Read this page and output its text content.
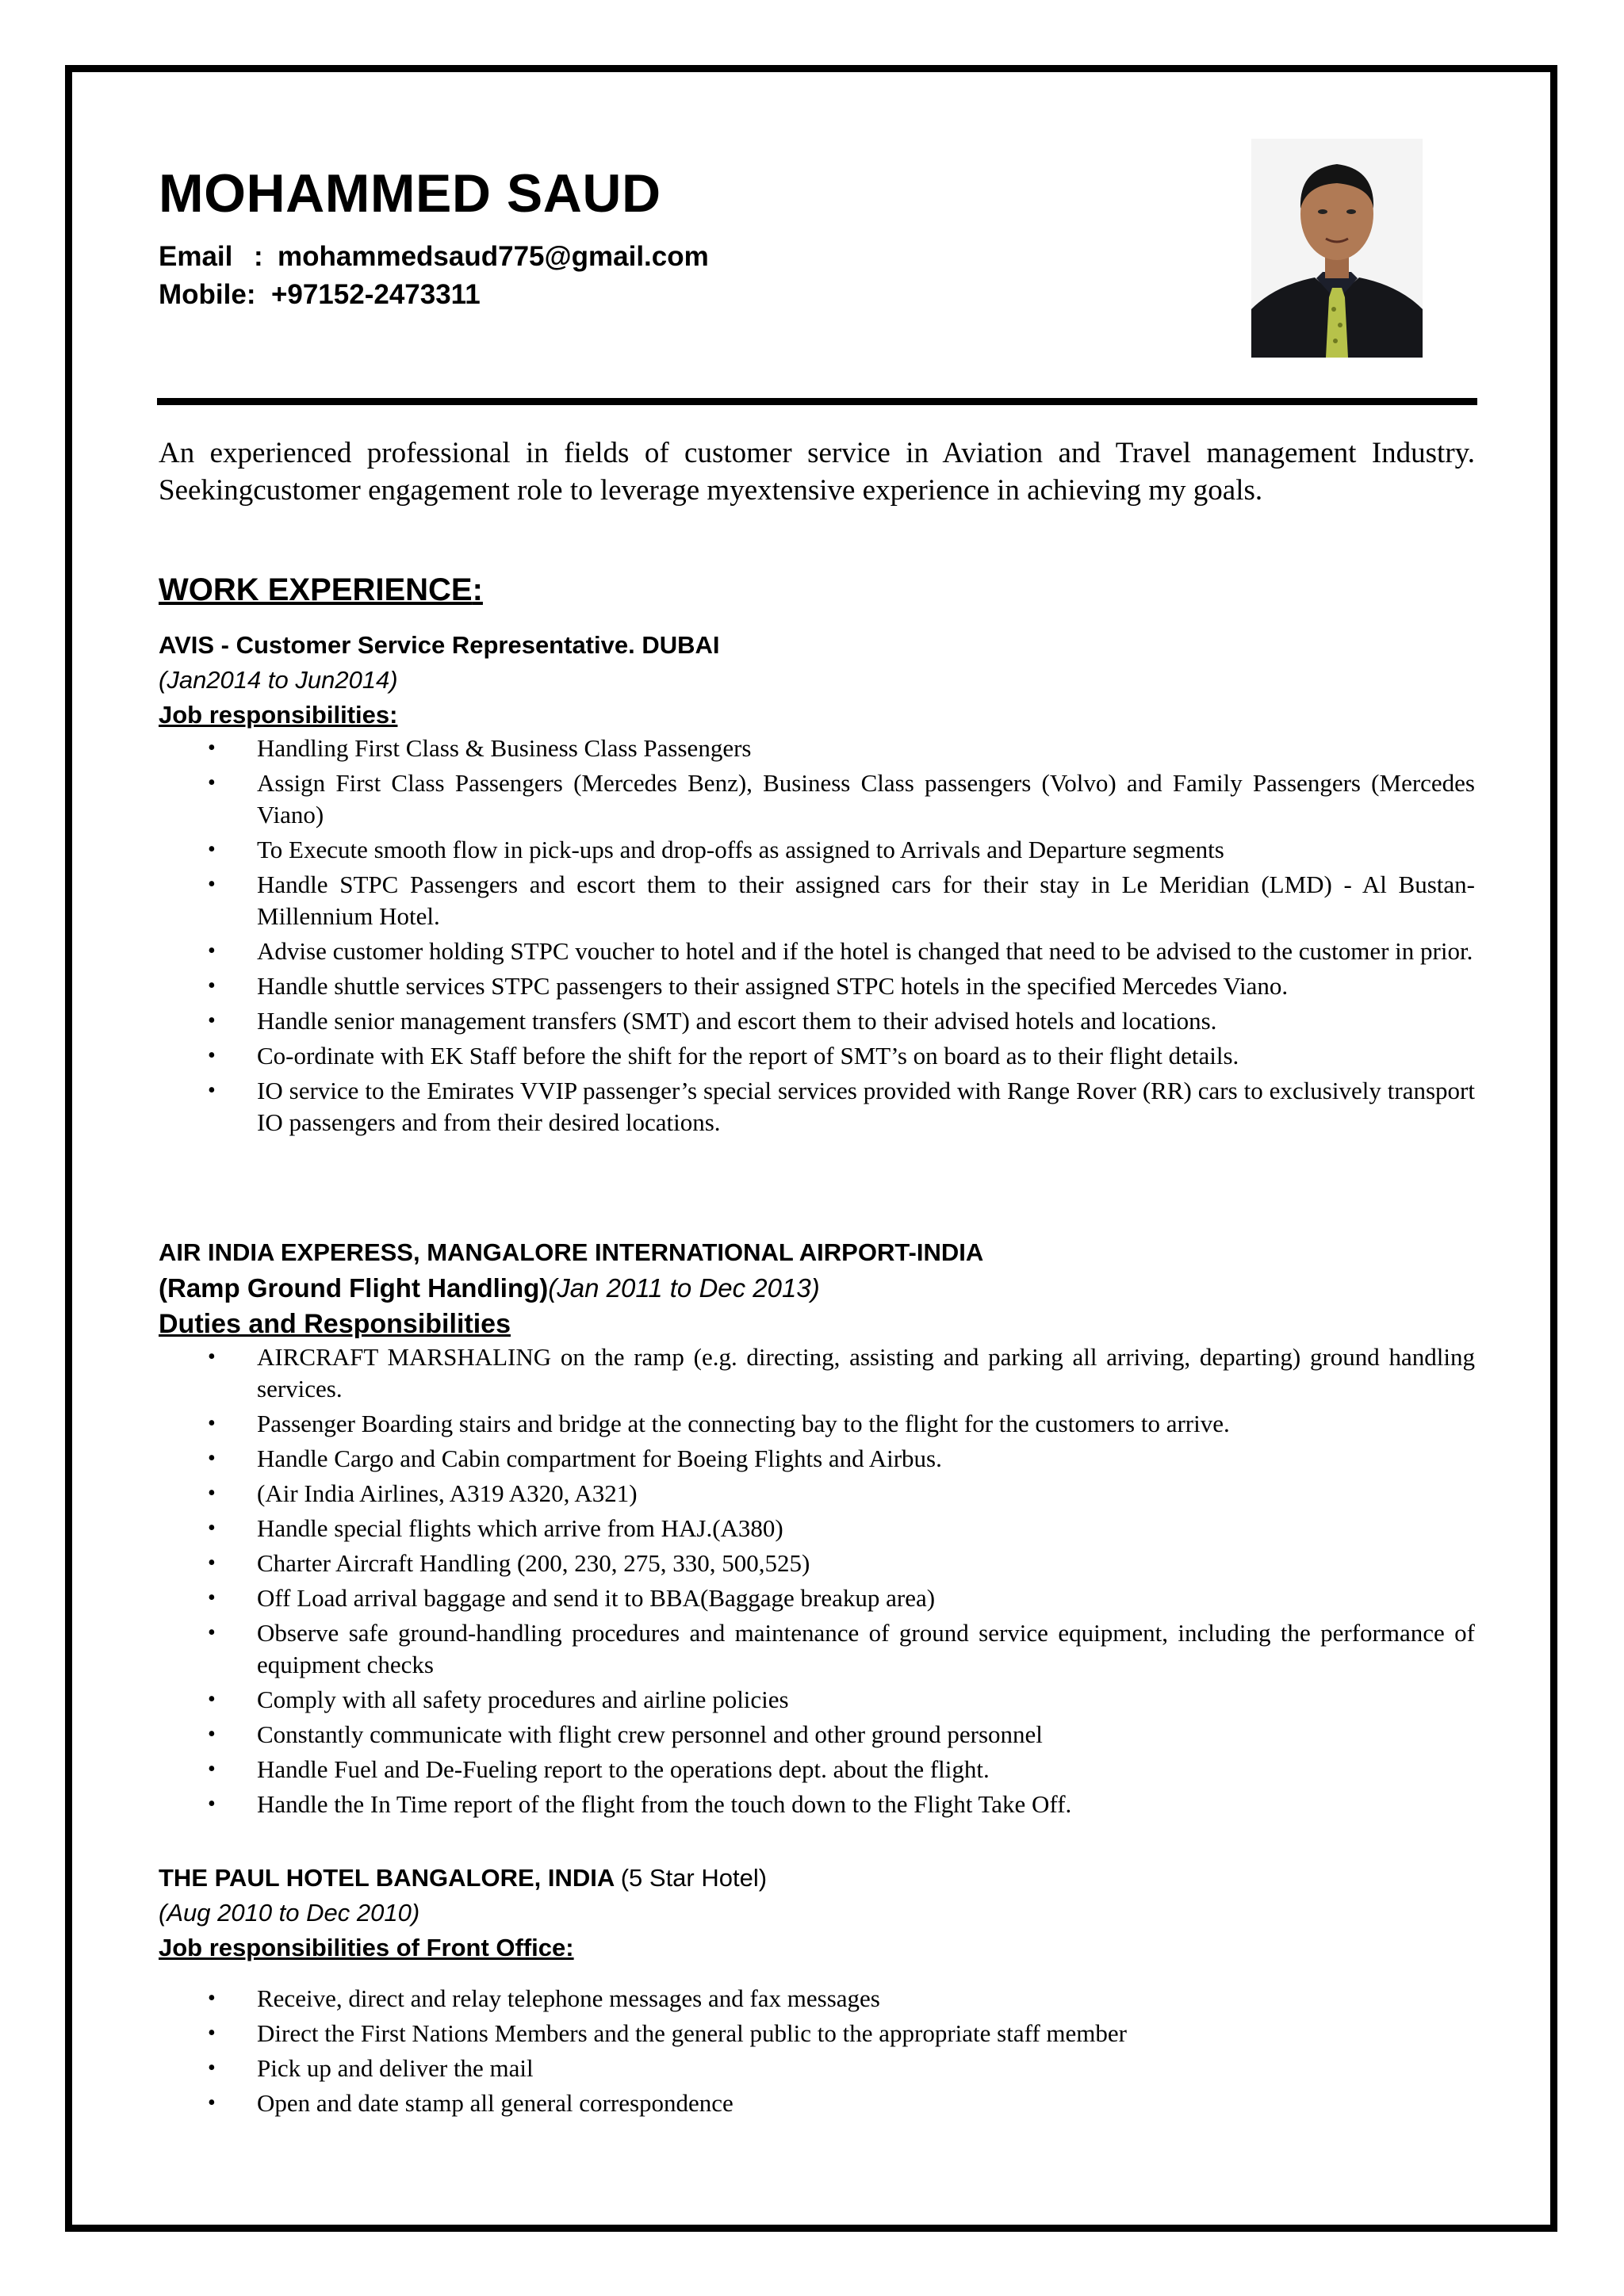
MOHAMMED SAUD
Email : mohammedsaud775@gmail.com
Mobile: +97152-2473311
An experienced professional in fields of customer service in Aviation and Travel management Industry. Seekingcustomer engagement role to leverage myextensive experience in achieving my goals.
WORK EXPERIENCE:
AVIS - Customer Service Representative. DUBAI
(Jan2014 to Jun2014)
Job responsibilities:
•	Handling First Class & Business Class Passengers
•	Assign First Class Passengers (Mercedes Benz), Business Class passengers (Volvo) and Family Passengers (Mercedes Viano)
•	To Execute smooth flow in pick-ups and drop-offs as assigned to Arrivals and Departure segments
•	Handle STPC Passengers and escort them to their assigned cars for their stay in Le Meridian (LMD) - Al Bustan-Millennium Hotel.
•	Advise customer holding STPC voucher to hotel and if the hotel is changed that need to be advised to the customer in prior.
•	Handle shuttle services STPC passengers to their assigned STPC hotels in the specified Mercedes Viano.
•	Handle senior management transfers (SMT) and escort them to their advised hotels and locations.
•	Co-ordinate with EK Staff before the shift for the report of SMT’s on board as to their flight details.
•	IO service to the Emirates VVIP passenger’s special services provided with Range Rover (RR) cars to exclusively transport IO passengers and from their desired locations.
AIR INDIA EXPERESS, MANGALORE INTERNATIONAL AIRPORT-INDIA
(Ramp Ground Flight Handling)(Jan 2011 to Dec 2013)
Duties and Responsibilities
•	AIRCRAFT MARSHALING on the ramp (e.g. directing, assisting and parking all arriving, departing) ground handling services.
•	Passenger Boarding stairs and bridge at the connecting bay to the flight for the customers to arrive.
•	Handle Cargo and Cabin compartment for Boeing Flights and Airbus.
•	(Air India Airlines, A319 A320, A321)
•	Handle special flights which arrive from HAJ.(A380)
•	Charter Aircraft Handling (200, 230, 275, 330, 500,525)
•	Off Load arrival baggage and send it to BBA(Baggage breakup area)
•	Observe safe ground-handling procedures and maintenance of ground service equipment, including the performance of equipment checks
•	Comply with all safety procedures and airline policies
•	Constantly communicate with flight crew personnel and other ground personnel
•	Handle Fuel and De-Fueling report to the operations dept. about the flight.
•	Handle the In Time report of the flight from the touch down to the Flight Take Off.
THE PAUL HOTEL BANGALORE, INDIA (5 Star Hotel)
(Aug 2010 to Dec 2010)
Job responsibilities of Front Office:
•	Receive, direct and relay telephone messages and fax messages
•	Direct the First Nations Members and the general public to the appropriate staff member
•	Pick up and deliver the mail
•	Open and date stamp all general correspondence
